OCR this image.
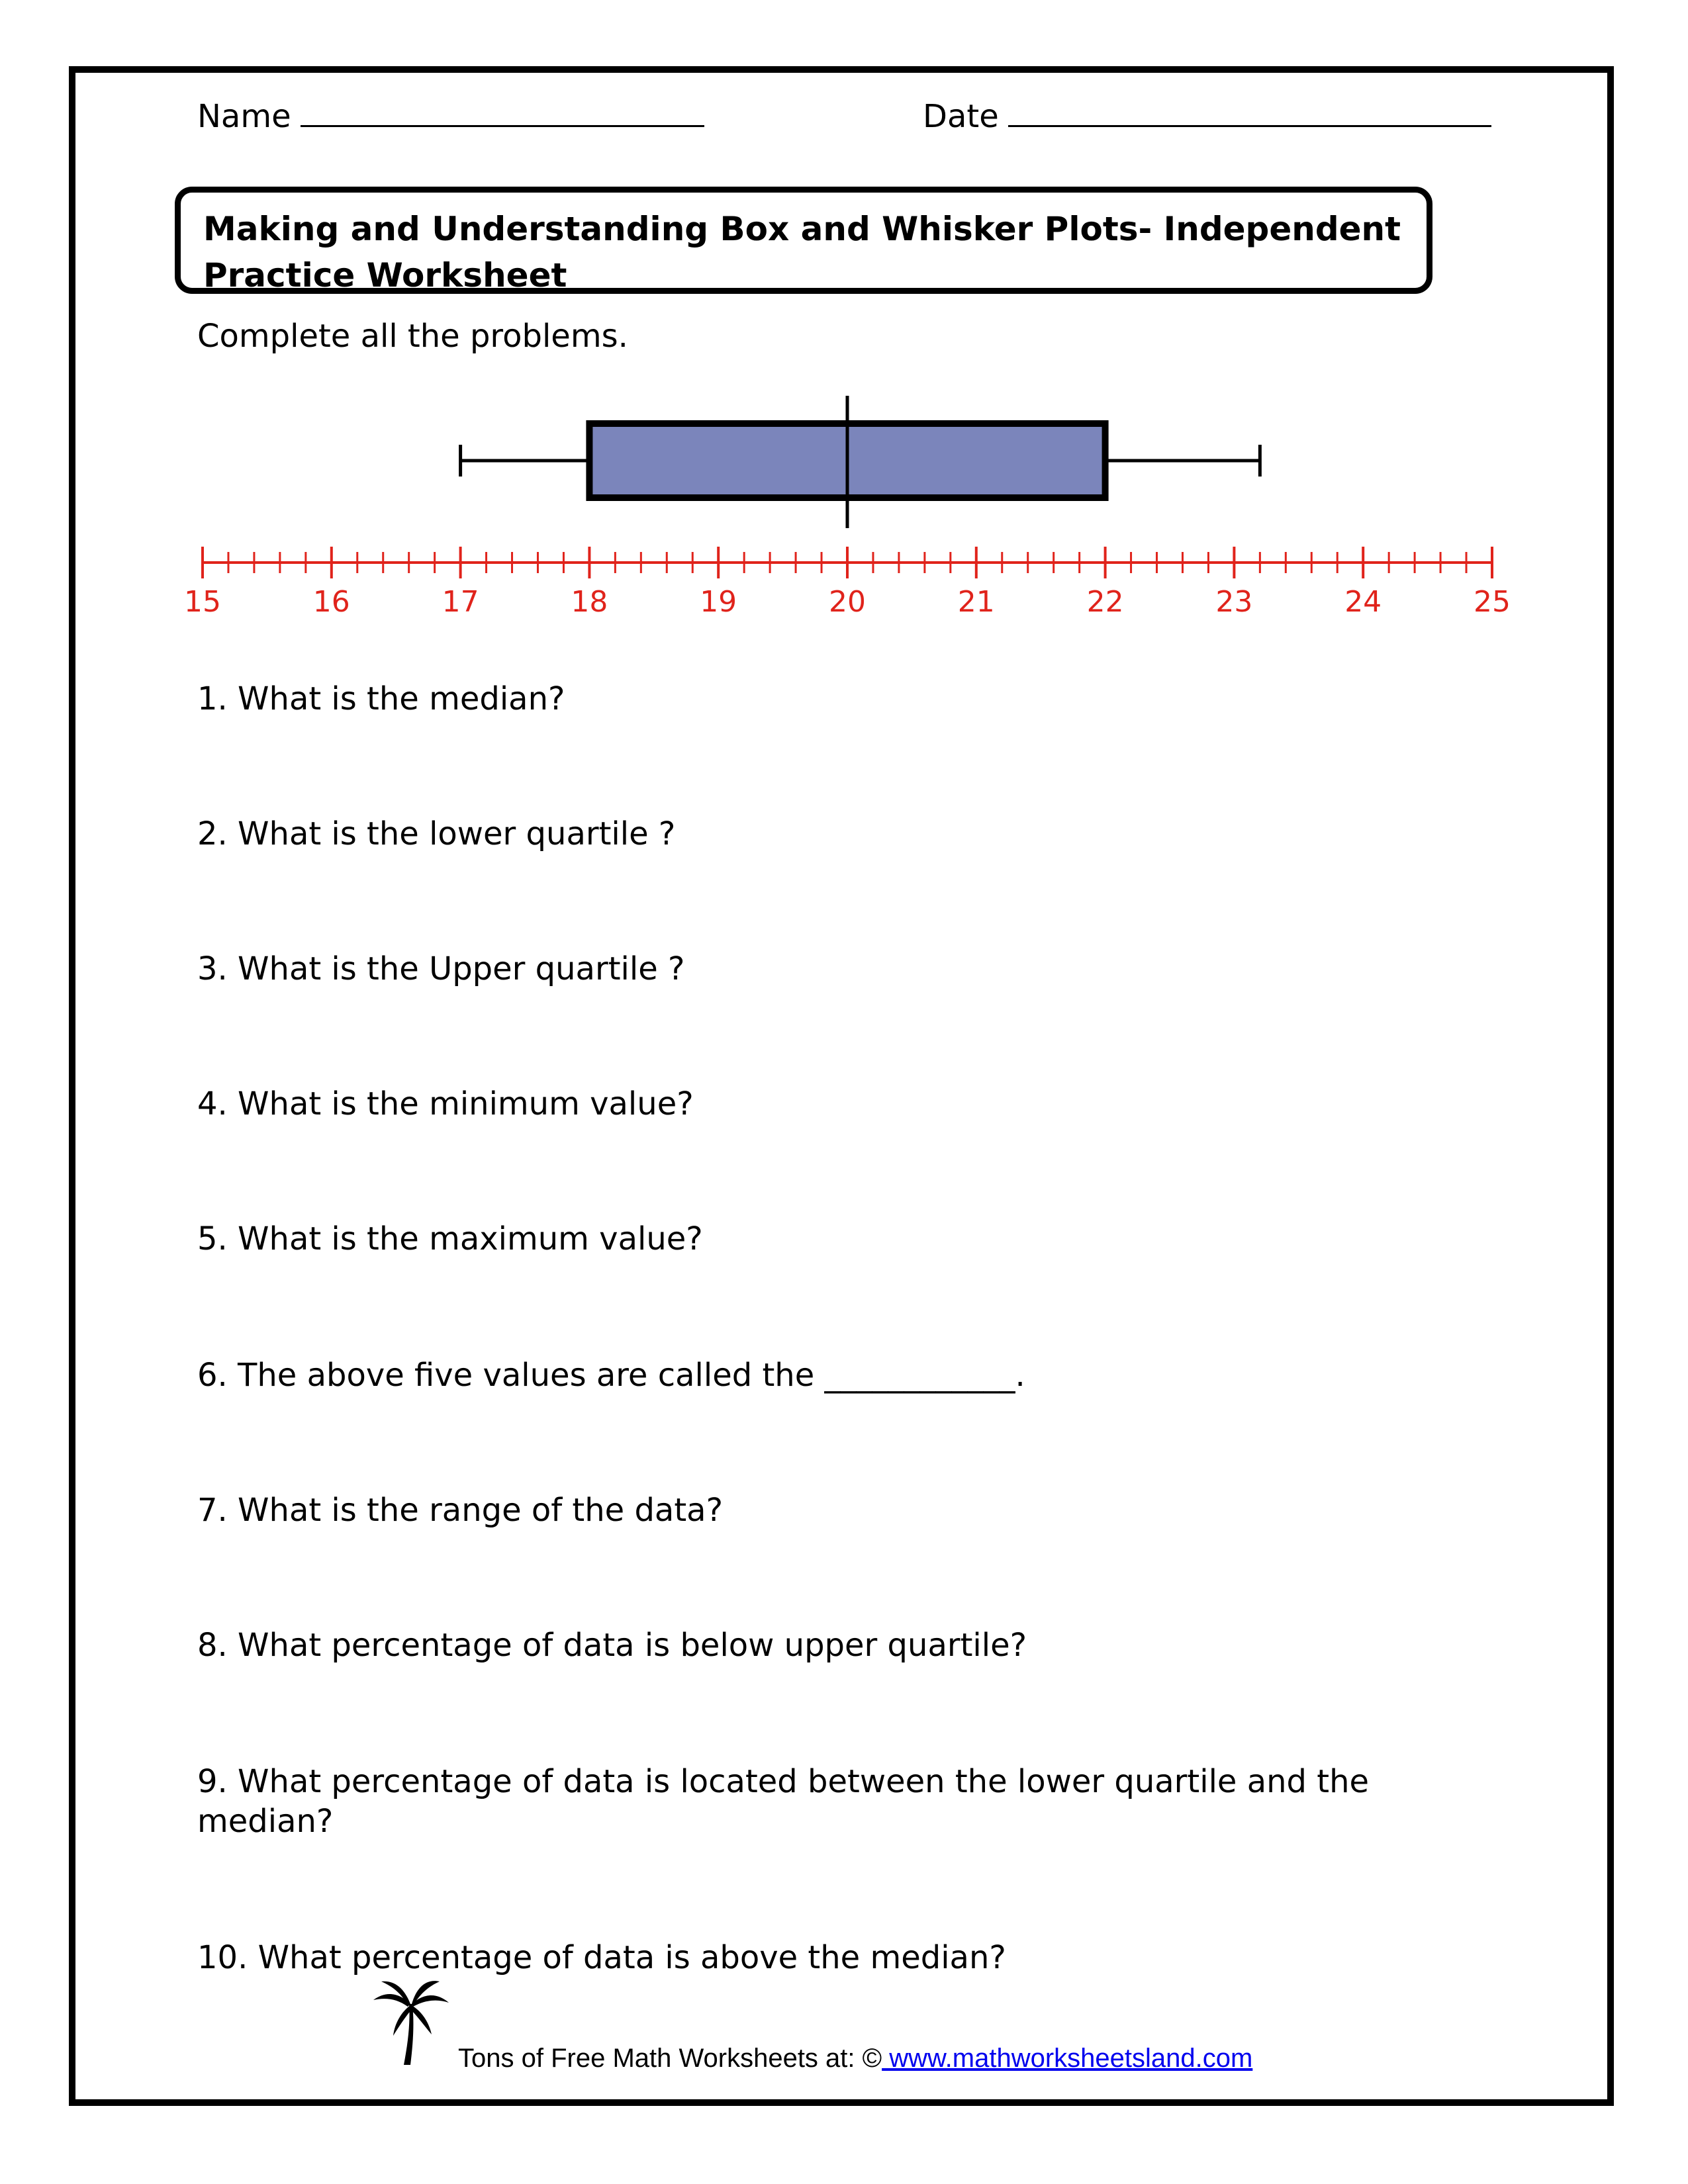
Name	Date
Making and Understanding Box and Whisker Plots- Independent Practice Worksheet
Complete all the problems.
15	16	17	18	19	20	21	22	23	24	25
1. What is the median?
2. What is the lower quartile ?
3. What is the Upper quartile ?
4. What is the minimum value?
5. What is the maximum value?
6. The above five values are called the ____________.
7. What is the range of the data?
8. What percentage of data is below upper quartile?
9. What percentage of data is located between the lower quartile and the median?
10. What percentage of data is above the median?
Tons of Free Math Worksheets at: © www.mathworksheetsland.com
